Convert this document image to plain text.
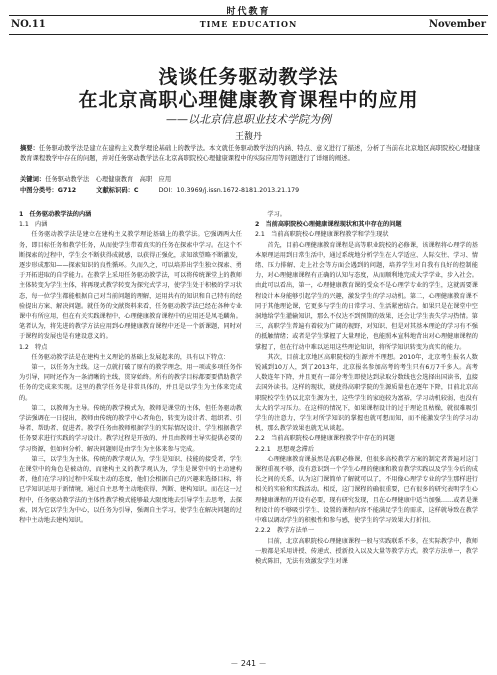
时代教育
NO.11	TIME EDUCATION	November
浅谈任务驱动教学法
在北京高职心理健康教育课程中的应用
——以北京信息职业技术学院为例
王馥丹
摘要：任务驱动教学法是建立在建构主义教学理论基础上的教学法。本文就任务驱动教学法的内涵、特点、意义进行了描述，分析了当前在北京地区高职院校心理健康教育课程教学中存在的问题，并对任务驱动教学法在北京高职院校心理健康课程中的实际应用等问题进行了详细的阐述。
关键词：任务驱动教学法　心理健康教育　高职　应用
中图分类号：G712	文献标识码：C	DOI：10.3969/j.issn.1672-8181.2013.21.179
1　任务驱动教学法的内涵
1.1　内涵

任务驱动教学法是建立在建构主义教学理论基础上的教学法。它强调两大任务，即目标任务和教学任务，从而使学生带着真实的任务在探索中学习。在这个不断探索的过程中，学生会不断获得成就感，以获得正强化，求知欲望略不断激发，逐步形成那知——探索知识的良性循环。久而久之，可以培养出学生独立探索、勇于开拓进取的自学能力。在教学上采用任务驱动教学法，可以将传统课堂上的教师主体转变为学生主体，将再现式教学转变为探究式学习，使学生处于积极的学习状态，每一位学生都能根据自己对当前问题的理解，运用共有的知识和自己特有的经验提出方案、解决问题。就任务的文献资料来看，任务驱动教学法已经在各种专业课中有所应用，但在有关实践课程中，心理健康教育课程中的应用还是凤毛麟角。笔者认为，将先进的教学方法应用到心理健康教育课程中还是一个新课题，同时对于课程的发展也是有建设意义的。

1.2　特点

任务驱动教学法是在建构主义理论的基础上发展起来的，具有以下特点：

第一，以任务为主线。这一点就打破了原有的教学理念，用一项或多项任务作为引导，同时还作为一条清晰的主线，贯穿始终。所有的教学目标都要要借助教学任务的完成来实现。这里的教学任务是非常具体的，并且是以学生为主体来完成的。

第二，以教师为主导。传统的教学模式为，教师是课堂的主体，但任务驱动教学法强调在一日提出，教师由传统的教学中心者角色，转变为设计者、组织者、引导者、帮助者、促进者。教学任务由教师根据学生的实际情况设计、学生根据教学任务要求进行实践的学习设计。教学过程是开放的、并且由教师主导实提供必要的学习资源，但如何分析、解决问题则是由学生为主体来参与完成。

第三，以学生为主体。传统的教学观认为，学生是知识、技能的接受者，学生在课堂中的角色是被动的，而建构主义的教学观认为，学生是课堂中的主动建构者，他们在学习的过程中采取主动的态度，他们会根据自己的兴趣来选择目标，将已学知识运用于新情境，通过自主思考主动地获得、判断、建构知识。而在这一过程中，任务驱动教学法的主体性教学模式能够最大限度地去引导学生去思考，去探索，因为它以学生为中心，以任务为引导，强调自主学习，使学生在解决问题的过程中主动地去建构知识。

学习。

2　当前高职院校心理健康课程现状和其中存在的问题
2.1　当前高职院校心理健康课程教学和学生现状

首先，目前心理健康教育课程是高等职业院校的必修课，该课程将心理学的基本原理运用到日常生活中，通过系统地分析学生在人学适应、人际交往、学习、情绪、压力排解、走上社会等方面会遇到的问题，培养学生对自我有良好的控制能力，对心理健康课程有正确的认知与态度，从而顺利地完成大学学业，步入社会。由此可以看出，第一，心理健康教育课的受众不是心理学专业的学生，这就需要课程设计本身能够引起学生的兴趣，激发学生的学习动机。第二，心理健康教育课不同于其他理论课，它更多与学生的日常学习、生活紧密结合。如果只是在课堂中空洞地给学生灌输知识，那么不仅达不到预期的效果，还会让学生丧失学习热情。第三，高职学生普遍有着较为广阔的视野，对知识、但是对其基本理论的学习有不强的抵触情绪；或者是学生掌握了大量理论，也能照本宣科地背出对心理健康课程的掌握了，但在行动中难以运用这些理论知识，将所学知识转变为真实的能力。

其次，目前北京地区高职院校的生源并不理想。2010年，北京考生报名人数锐减到10万人，到了2013年，北京报名参加高考的考生只有6万7千多人。高考人数连年下降，并且更有一部分考生即使达到录取分数线也会选择出国读书，直接去国外读书。这样的现状，就使得高职学院的生源质量也在逐年下降，目前北京高职院校学生仍以北京生源为主，这些学生的家庭较为富裕，学习动机较弱，也没有太大的学习压力。在这样的情况下，如果课程设计的过于理论且枯燥，就很难吸引学生的注意力，学生对所学知识的掌握也就可想而知，而不能激发学生的学习动机，那么教学效果也就无从谈起。

2.2　当前高职院校心理健康课程教学中存在的问题
2.2.1　思想观念滞后

心理健康教育课虽然是高职必修课，但很多高校教学方案的制定者普遍对这门课程重视不够，没有意识到一个学生心理的健康和教育教学实践以及学生今后的成长之间的关系，认为这门课简单了解就可以了，不用像心理学专业的学生那样进行相关的实验和实践活动。相反，这门课程的确很重要，已有很多的研究表明学生心理健康课程的开设有必要，现有研究发现，且在心理健康中适当加强……或者是课程设计的不够吸引学生、设置的课程内容不能满足学生的需求，这样就导致在教学中难以调动学生的积极性和参与感，使学生的学习效果大打折扣。

2.2.2　教学方法单一

目前，北京高职院校心理健康课程一般与实践联系不多，在实际教学中，教师一般都是采用讲授、传递式、授新投入以及大量等教学方式。教学方法单一，教学模式陈旧，无法有效激发学生对课

－ 241 －
